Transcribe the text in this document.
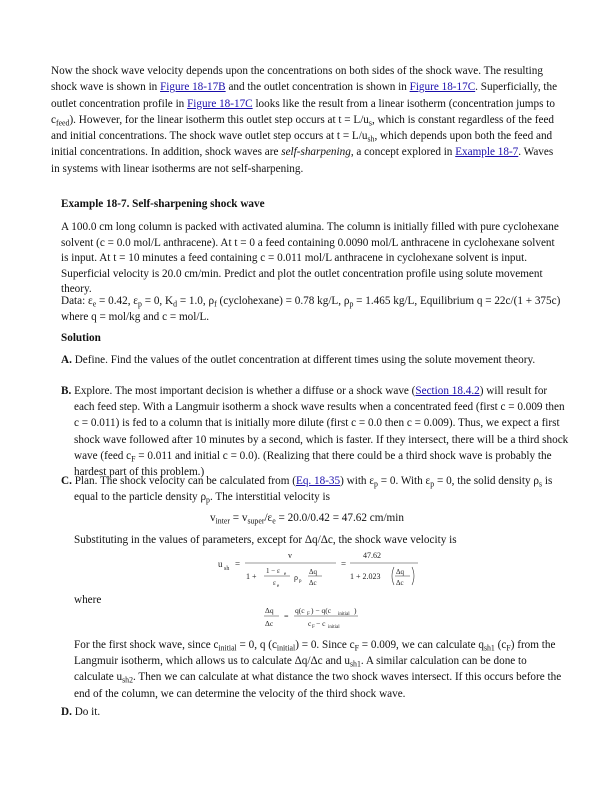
Now the shock wave velocity depends upon the concentrations on both sides of the shock wave. The resulting shock wave is shown in Figure 18-17B and the outlet concentration is shown in Figure 18-17C. Superficially, the outlet concentration profile in Figure 18-17C looks like the result from a linear isotherm (concentration jumps to $c_{feed}$). However, for the linear isotherm this outlet step occurs at $t = L/u_s$, which is constant regardless of the feed and initial concentrations. The shock wave outlet step occurs at $t = L/u_{sh}$, which depends upon both the feed and initial concentrations. In addition, shock waves are self-sharpening, a concept explored in Example 18-7. Waves in systems with linear isotherms are not self-sharpening.

Example 18-7. Self-sharpening shock wave

A 100.0 cm long column is packed with activated alumina. The column is initially filled with pure cyclohexane solvent (c = 0.0 mol/L anthracene). At t = 0 a feed containing 0.0090 mol/L anthracene in cyclohexane solvent is input. At t = 10 minutes a feed containing c = 0.011 mol/L anthracene in cyclohexane solvent is input. Superficial velocity is 20.0 cm/min. Predict and plot the outlet concentration profile using solute movement theory.

Data: $\varepsilon_e = 0.42$, $\varepsilon_p = 0$, $K_d = 1.0$, $\rho_f$ (cyclohexane) = 0.78 kg/L, $\rho_p = 1.465$ kg/L, Equilibrium q = 22c/(1 + 375c) where q = mol/kg and c = mol/L.

Solution

A. Define. Find the values of the outlet concentration at different times using the solute movement theory.

B. Explore. The most important decision is whether a diffuse or a shock wave (Section 18.4.2) will result for each feed step. With a Langmuir isotherm a shock wave results when a concentrated feed (first c = 0.009 then c = 0.011) is fed to a column that is initially more dilute (first c = 0.0 then c = 0.009). Thus, we expect a first shock wave followed after 10 minutes by a second, which is faster. If they intersect, there will be a third shock wave (feed $c_F = 0.011$ and initial c = 0.0). (Realizing that there could be a third shock wave is probably the hardest part of this problem.)

C. Plan. The shock velocity can be calculated from (Eq. 18-35) with $\varepsilon_p = 0$. With $\varepsilon_p = 0$, the solid density $\rho_s$ is equal to the particle density $\rho_p$. The interstitial velocity is

$v_{inter} = v_{super}/\varepsilon_e = 20.0/0.42 = 47.62$ cm/min

Substituting in the values of parameters, except for Δq/Δc, the shock wave velocity is

u sh =
v
1 +
1 − ε e
ε e
ρ p
Δq
Δc
=
47.62
1 + 2.023 Δq
Δc

where

Δq
Δc
=
q(c F ) − q(c initial )
c F − c initial

For the first shock wave, since $c_{initial} = 0$, q $(c_{initial}) = 0$. Since $c_F = 0.009$, we can calculate $q_{sh1}$ $(c_F)$ from the Langmuir isotherm, which allows us to calculate Δq/Δc and $u_{sh1}$. A similar calculation can be done to calculate $u_{sh2}$. Then we can calculate at what distance the two shock waves intersect. If this occurs before the end of the column, we can determine the velocity of the third shock wave.

D. Do it.
